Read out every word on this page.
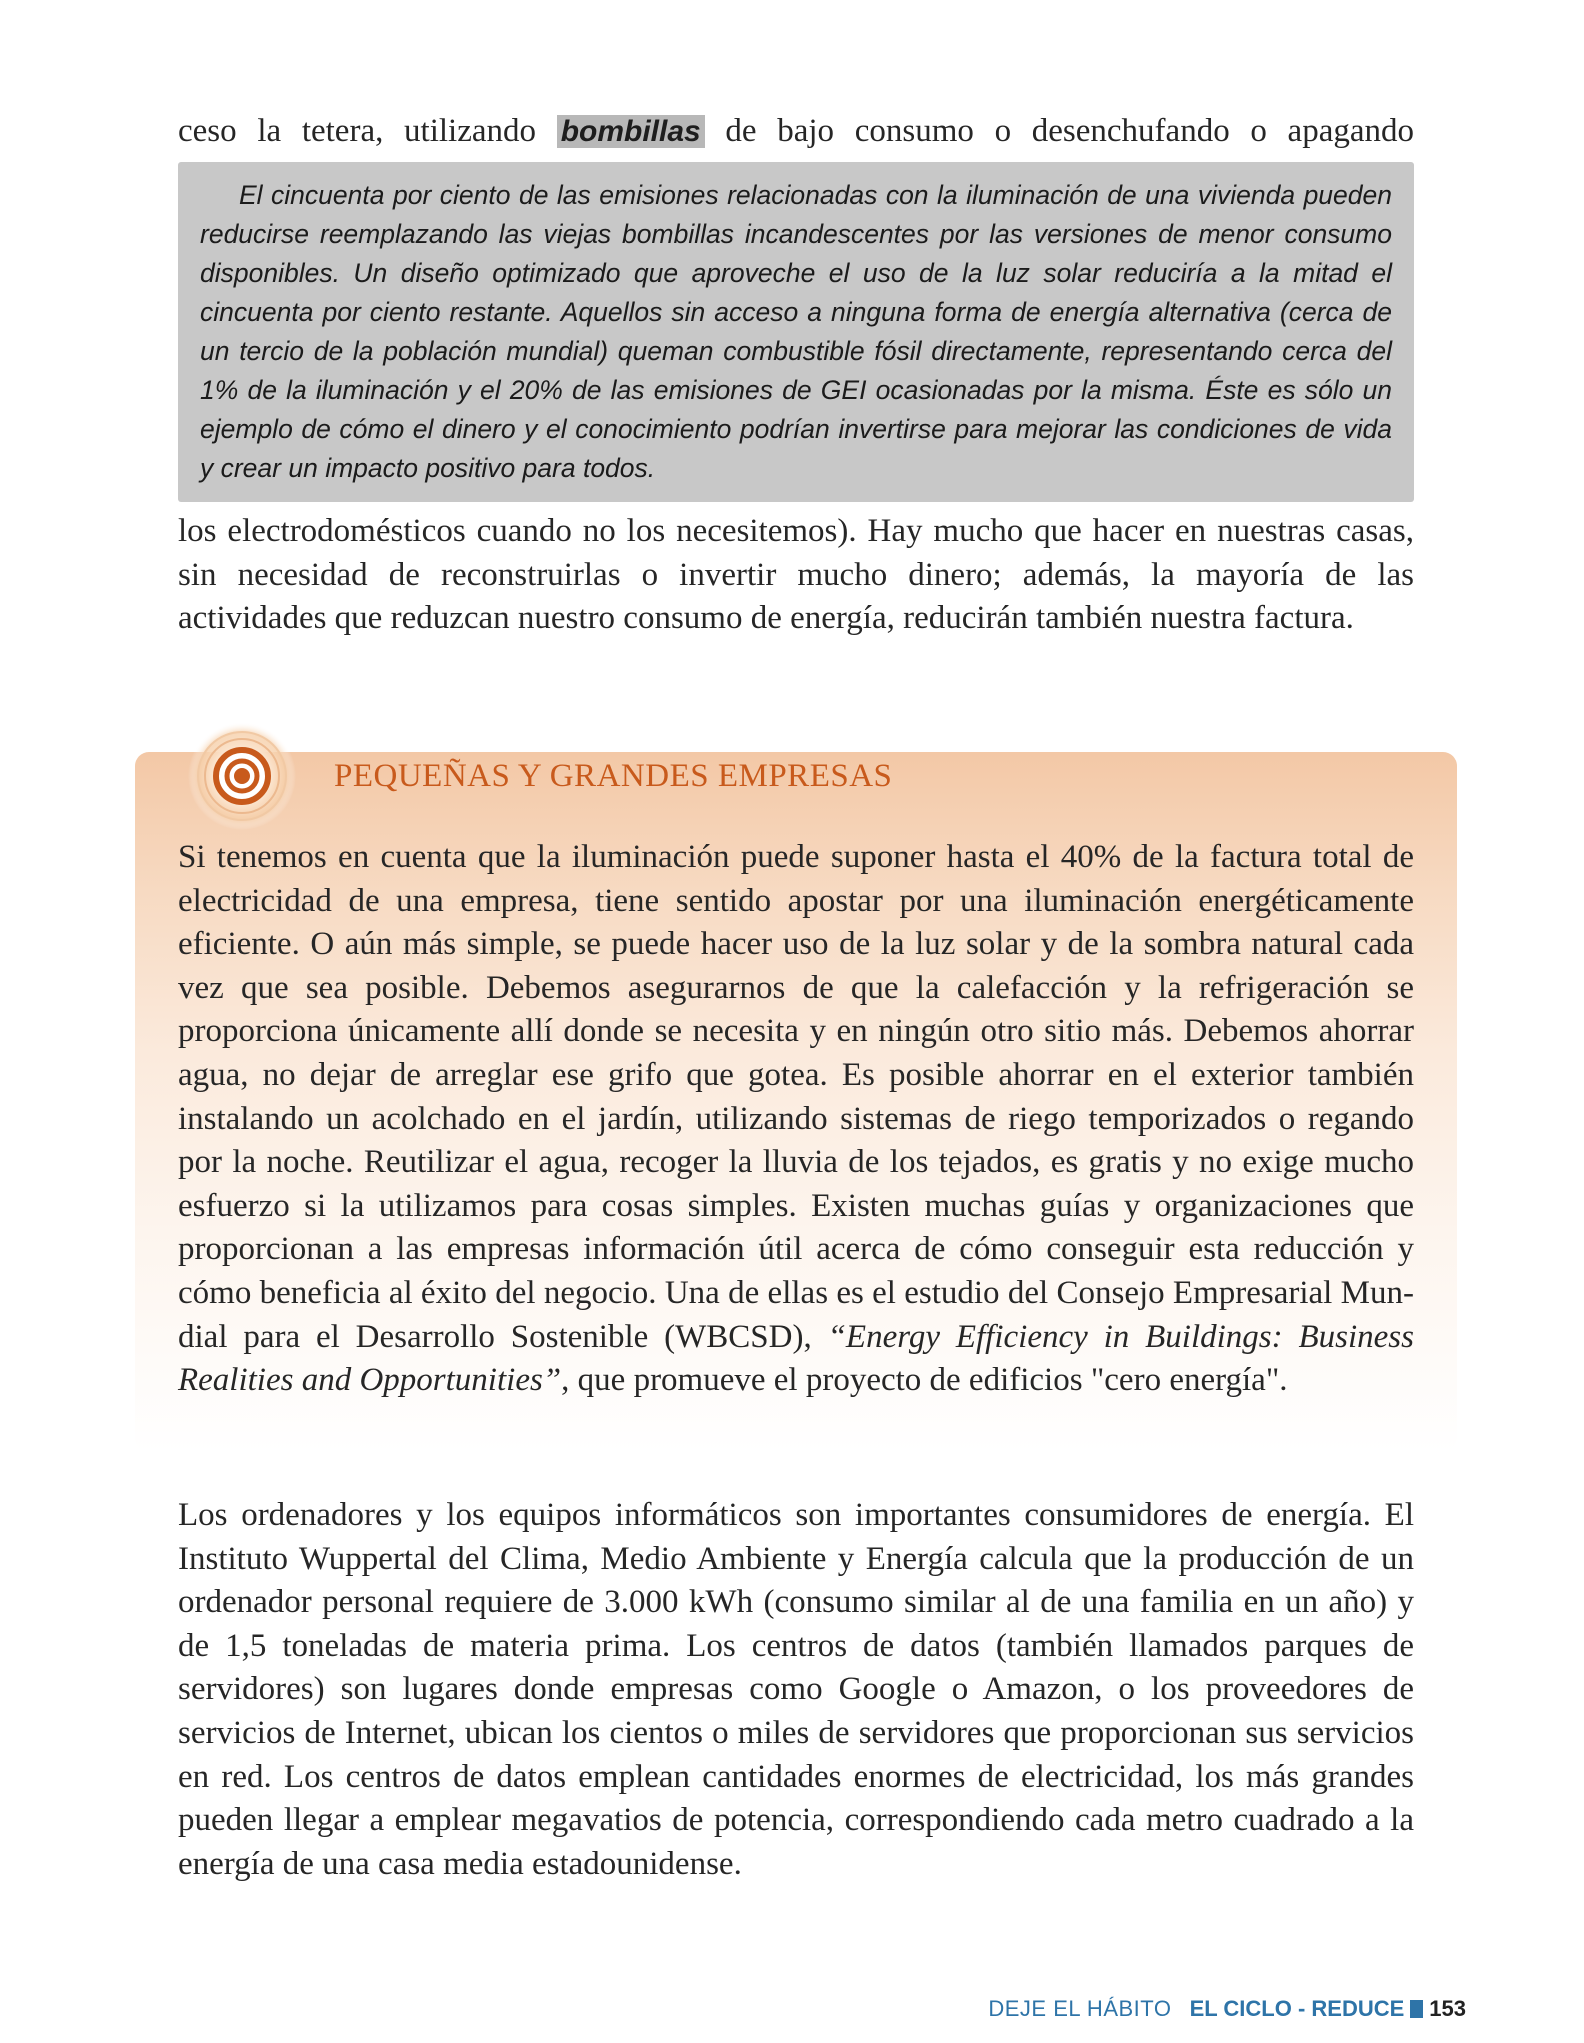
ceso la tetera, utilizando bombillas de bajo consumo o desenchufando o apagando

El cincuenta por ciento de las emisiones relacionadas con la iluminación de una vivienda pueden reducirse reemplazando las viejas bombillas incandescentes por las versiones de menor consumo disponibles. Un diseño optimizado que aproveche el uso de la luz solar reduciría a la mitad el cincuenta por ciento restante. Aquellos sin acceso a ninguna forma de energía alternativa (cerca de un tercio de la población mundial) queman combustible fósil directamente, representando cerca del 1% de la iluminación y el 20% de las emisiones de GEI ocasionadas por la misma. Éste es sólo un ejemplo de cómo el dinero y el conocimiento podrían invertirse para mejorar las condiciones de vida y crear un impacto positivo para todos.

los electrodomésticos cuando no los necesitemos). Hay mucho que hacer en nuestras casas, sin necesidad de reconstruirlas o invertir mucho dinero; además, la mayoría de las actividades que reduzcan nuestro consumo de energía, reducirán también nuestra factura.

PEQUEÑAS Y GRANDES EMPRESAS

Si tenemos en cuenta que la iluminación puede suponer hasta el 40% de la factura total de electricidad de una empresa, tiene sentido apostar por una iluminación energéticamente eficiente. O aún más simple, se puede hacer uso de la luz solar y de la sombra natural cada vez que sea posible. Debemos asegurarnos de que la calefacción y la refrigeración se proporciona únicamente allí donde se necesita y en ningún otro sitio más. Debemos ahorrar agua, no dejar de arreglar ese grifo que gotea. Es posible ahorrar en el exterior también instalando un acolchado en el jardín, utilizando sistemas de riego temporizados o regando por la noche. Reutilizar el agua, recoger la lluvia de los tejados, es gratis y no exige mucho esfuerzo si la utilizamos para cosas simples. Existen muchas guías y organizaciones que proporcionan a las empresas información útil acerca de cómo conseguir esta reducción y cómo beneficia al éxito del negocio. Una de ellas es el estudio del Consejo Empresarial Mundial para el Desarrollo Sostenible (WBCSD), “Energy Efficiency in Buildings: Business Realities and Opportunities”, que promueve el proyecto de edificios "cero energía".

Los ordenadores y los equipos informáticos son importantes consumidores de energía. El Instituto Wuppertal del Clima, Medio Ambiente y Energía calcula que la producción de un ordenador personal requiere de 3.000 kWh (consumo similar al de una familia en un año) y de 1,5 toneladas de materia prima. Los centros de datos (también llamados parques de servidores) son lugares donde empresas como Google o Amazon, o los proveedores de servicios de Internet, ubican los cientos o miles de servidores que proporcionan sus servicios en red. Los centros de datos emplean cantidades enormes de electricidad, los más grandes pueden llegar a emplear megavatios de potencia, correspondiendo cada metro cuadrado a la energía de una casa media estadounidense.

DEJE EL HÁBITO EL CICLO - REDUCE 153
